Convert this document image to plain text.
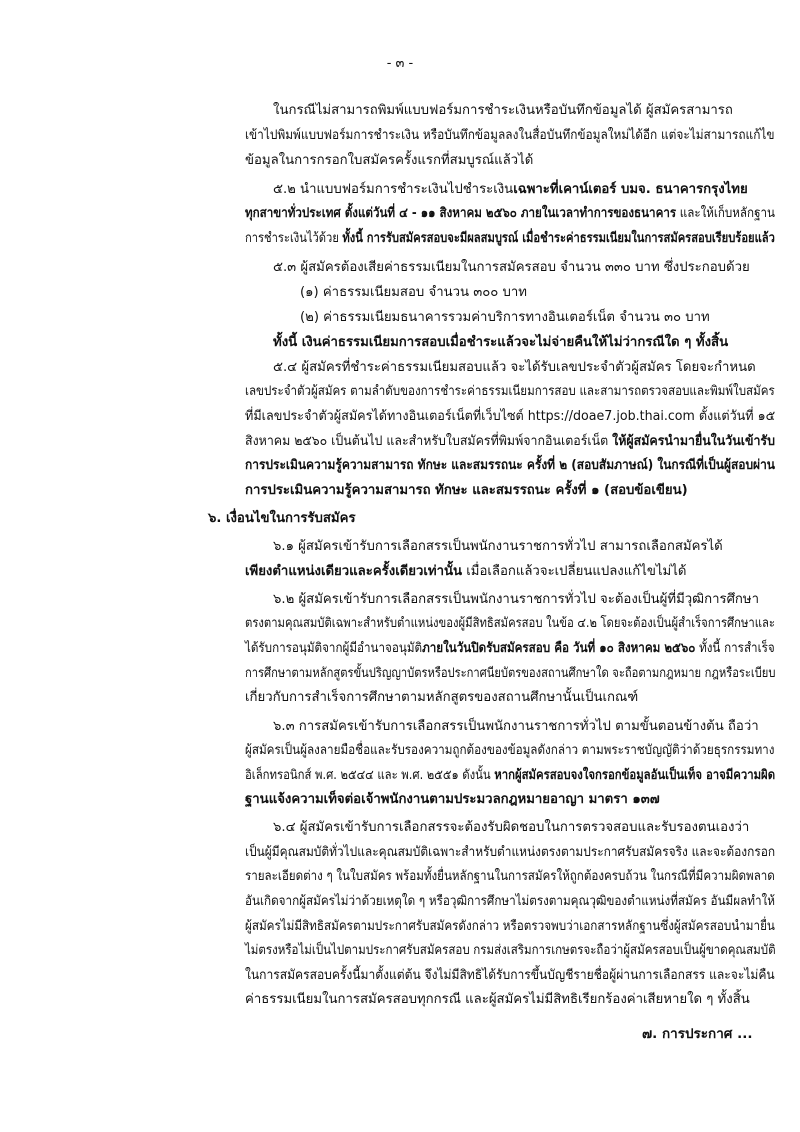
- ๓ -
ในกรณีไม่สามารถพิมพ์แบบฟอร์มการชำระเงินหรือบันทึกข้อมูลได้ ผู้สมัครสามารถ
เข้าไปพิมพ์แบบฟอร์มการชำระเงิน หรือบันทึกข้อมูลลงในสื่อบันทึกข้อมูลใหม่ได้อีก แต่จะไม่สามารถแก้ไข
ข้อมูลในการกรอกใบสมัครครั้งแรกที่สมบูรณ์แล้วได้
๕.๒ นำแบบฟอร์มการชำระเงินไปชำระเงินเฉพาะที่เคาน์เตอร์ บมจ. ธนาคารกรุงไทย
ทุกสาขาทั่วประเทศ ตั้งแต่วันที่ ๔ - ๑๑ สิงหาคม ๒๕๖๐ ภายในเวลาทำการของธนาคาร และให้เก็บหลักฐาน
การชำระเงินไว้ด้วย ทั้งนี้ การรับสมัครสอบจะมีผลสมบูรณ์ เมื่อชำระค่าธรรมเนียมในการสมัครสอบเรียบร้อยแล้ว
๕.๓ ผู้สมัครต้องเสียค่าธรรมเนียมในการสมัครสอบ จำนวน ๓๓๐ บาท ซึ่งประกอบด้วย
(๑) ค่าธรรมเนียมสอบ จำนวน ๓๐๐ บาท
(๒) ค่าธรรมเนียมธนาคารรวมค่าบริการทางอินเตอร์เน็ต จำนวน ๓๐ บาท
ทั้งนี้ เงินค่าธรรมเนียมการสอบเมื่อชำระแล้วจะไม่จ่ายคืนให้ไม่ว่ากรณีใด ๆ ทั้งสิ้น
๕.๔ ผู้สมัครที่ชำระค่าธรรมเนียมสอบแล้ว จะได้รับเลขประจำตัวผู้สมัคร โดยจะกำหนด
เลขประจำตัวผู้สมัคร ตามลำดับของการชำระค่าธรรมเนียมการสอบ และสามารถตรวจสอบและพิมพ์ใบสมัคร
ที่มีเลขประจำตัวผู้สมัครได้ทางอินเตอร์เน็ตที่เว็บไซต์ https://doae7.job.thai.com ตั้งแต่วันที่ ๑๕
สิงหาคม ๒๕๖๐ เป็นต้นไป และสำหรับใบสมัครที่พิมพ์จากอินเตอร์เน็ต ให้ผู้สมัครนำมายื่นในวันเข้ารับ
การประเมินความรู้ความสามารถ ทักษะ และสมรรถนะ ครั้งที่ ๒ (สอบสัมภาษณ์) ในกรณีที่เป็นผู้สอบผ่าน
การประเมินความรู้ความสามารถ ทักษะ และสมรรถนะ ครั้งที่ ๑ (สอบข้อเขียน)
๖. เงื่อนไขในการรับสมัคร
๖.๑ ผู้สมัครเข้ารับการเลือกสรรเป็นพนักงานราชการทั่วไป สามารถเลือกสมัครได้
เพียงตำแหน่งเดียวและครั้งเดียวเท่านั้น เมื่อเลือกแล้วจะเปลี่ยนแปลงแก้ไขไม่ได้
๖.๒ ผู้สมัครเข้ารับการเลือกสรรเป็นพนักงานราชการทั่วไป จะต้องเป็นผู้ที่มีวุฒิการศึกษา
ตรงตามคุณสมบัติเฉพาะสำหรับตำแหน่งของผู้มีสิทธิสมัครสอบ ในข้อ ๔.๒ โดยจะต้องเป็นผู้สำเร็จการศึกษาและ
ได้รับการอนุมัติจากผู้มีอำนาจอนุมัติภายในวันปิดรับสมัครสอบ คือ วันที่ ๑๐ สิงหาคม ๒๕๖๐ ทั้งนี้ การสำเร็จ
การศึกษาตามหลักสูตรขั้นปริญญาบัตรหรือประกาศนียบัตรของสถานศึกษาใด จะถือตามกฎหมาย กฎหรือระเบียบ
เกี่ยวกับการสำเร็จการศึกษาตามหลักสูตรของสถานศึกษานั้นเป็นเกณฑ์
๖.๓ การสมัครเข้ารับการเลือกสรรเป็นพนักงานราชการทั่วไป ตามขั้นตอนข้างต้น ถือว่า
ผู้สมัครเป็นผู้ลงลายมือชื่อและรับรองความถูกต้องของข้อมูลดังกล่าว ตามพระราชบัญญัติว่าด้วยธุรกรรมทาง
อิเล็กทรอนิกส์ พ.ศ. ๒๕๔๔ และ พ.ศ. ๒๕๕๑ ดังนั้น หากผู้สมัครสอบจงใจกรอกข้อมูลอันเป็นเท็จ อาจมีความผิด
ฐานแจ้งความเท็จต่อเจ้าพนักงานตามประมวลกฎหมายอาญา มาตรา ๑๓๗
๖.๔ ผู้สมัครเข้ารับการเลือกสรรจะต้องรับผิดชอบในการตรวจสอบและรับรองตนเองว่า
เป็นผู้มีคุณสมบัติทั่วไปและคุณสมบัติเฉพาะสำหรับตำแหน่งตรงตามประกาศรับสมัครจริง และจะต้องกรอก
รายละเอียดต่าง ๆ ในใบสมัคร พร้อมทั้งยื่นหลักฐานในการสมัครให้ถูกต้องครบถ้วน ในกรณีที่มีความผิดพลาด
อันเกิดจากผู้สมัครไม่ว่าด้วยเหตุใด ๆ หรือวุฒิการศึกษาไม่ตรงตามคุณวุฒิของตำแหน่งที่สมัคร อันมีผลทำให้
ผู้สมัครไม่มีสิทธิสมัครตามประกาศรับสมัครดังกล่าว หรือตรวจพบว่าเอกสารหลักฐานซึ่งผู้สมัครสอบนำมายื่น
ไม่ตรงหรือไม่เป็นไปตามประกาศรับสมัครสอบ กรมส่งเสริมการเกษตรจะถือว่าผู้สมัครสอบเป็นผู้ขาดคุณสมบัติ
ในการสมัครสอบครั้งนี้มาตั้งแต่ต้น จึงไม่มีสิทธิได้รับการขึ้นบัญชีรายชื่อผู้ผ่านการเลือกสรร และจะไม่คืน
ค่าธรรมเนียมในการสมัครสอบทุกกรณี และผู้สมัครไม่มีสิทธิเรียกร้องค่าเสียหายใด ๆ ทั้งสิ้น
๗. การประกาศ ...
